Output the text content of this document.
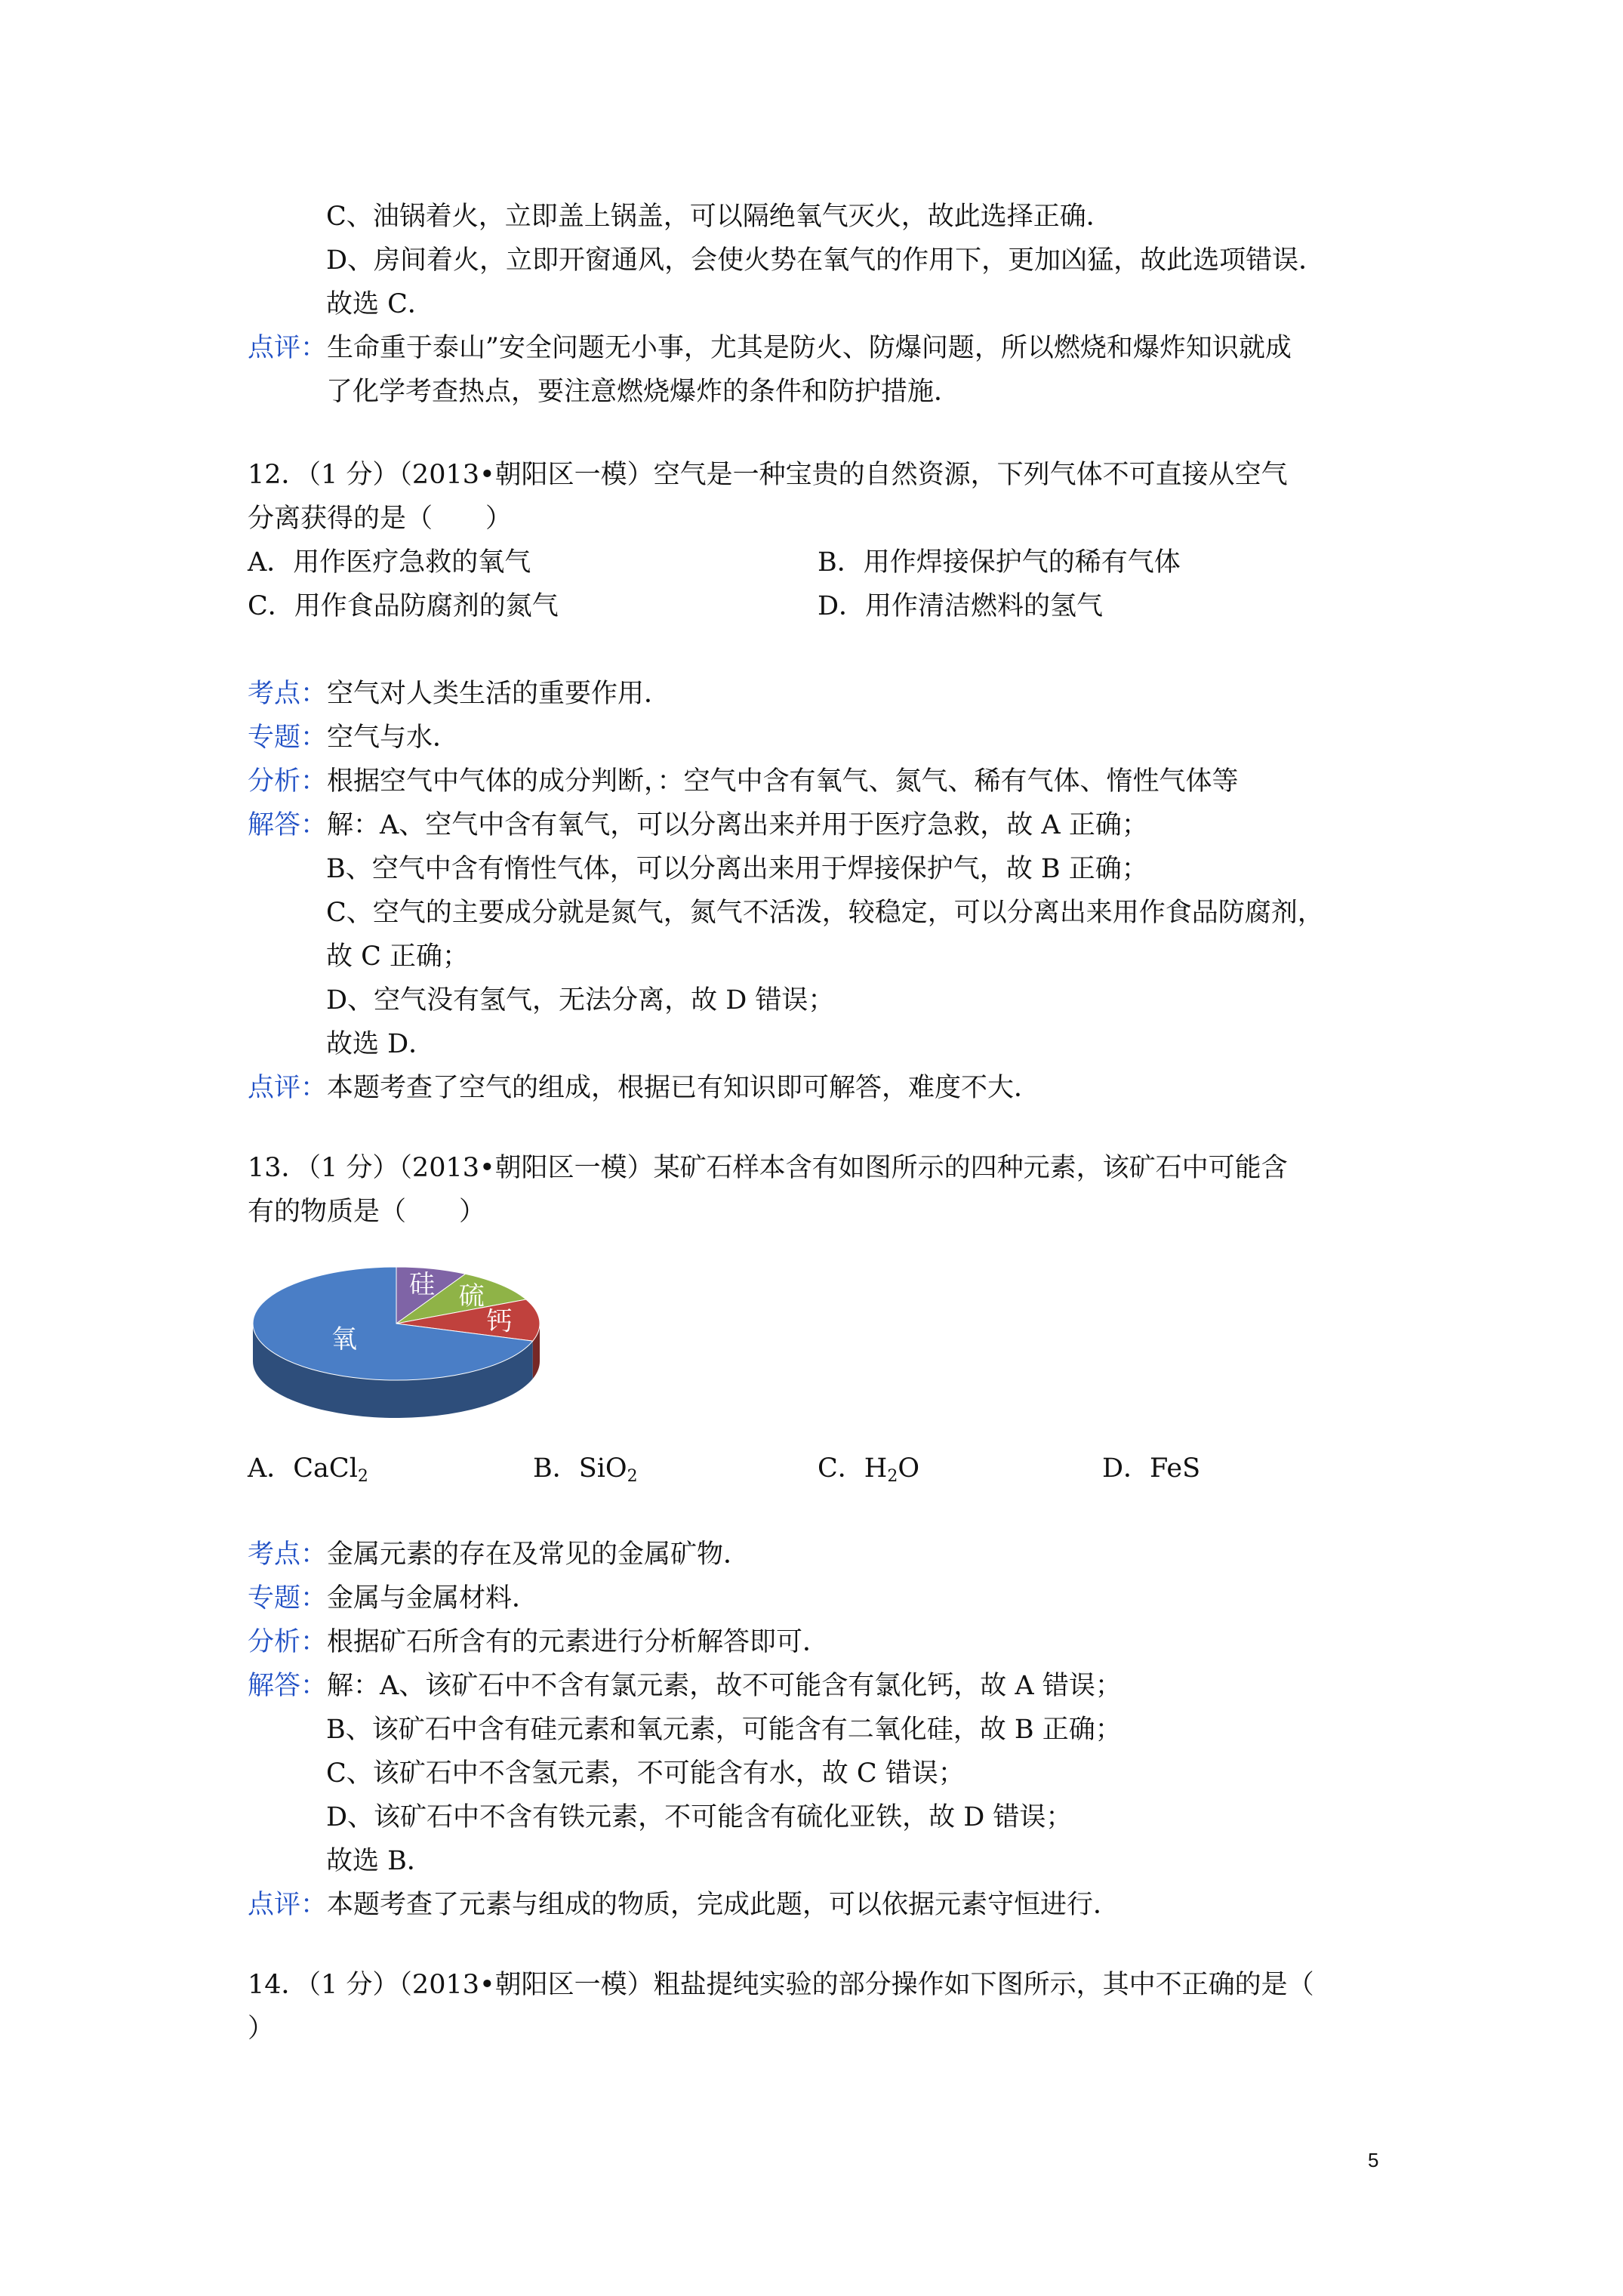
C、油锅着火，立即盖上锅盖，可以隔绝氧气灭火，故此选择正确．
D、房间着火，立即开窗通风，会使火势在氧气的作用下，更加凶猛，故此选项错误．
故选 C．
点评：生命重于泰山”安全问题无小事，尤其是防火、防爆问题，所以燃烧和爆炸知识就成
了化学考查热点，要注意燃烧爆炸的条件和防护措施．
12．（1 分）（2013•朝阳区一模）空气是一种宝贵的自然资源，下列气体不可直接从空气
分离获得的是（　　）
A．用作医疗急救的氧气	B．用作焊接保护气的稀有气体
C．用作食品防腐剂的氮气	D．用作清洁燃料的氢气
考点：空气对人类生活的重要作用．
专题：空气与水．
分析：根据空气中气体的成分判断，：空气中含有氧气、氮气、稀有气体、惰性气体等
解答：解：A、空气中含有氧气，可以分离出来并用于医疗急救，故 A 正确；
B、空气中含有惰性气体，可以分离出来用于焊接保护气，故 B 正确；
C、空气的主要成分就是氮气，氮气不活泼，较稳定，可以分离出来用作食品防腐剂，
故 C 正确；
D、空气没有氢气，无法分离，故 D 错误；
故选 D．
点评：本题考查了空气的组成，根据已有知识即可解答，难度不大．
13．（1 分）（2013•朝阳区一模）某矿石样本含有如图所示的四种元素，该矿石中可能含
有的物质是（　　）
硅 硫
钙
氧
A．CaCl$_2$	B．SiO$_2$	C．$H_2O$	D．FeS
考点：金属元素的存在及常见的金属矿物．
专题：金属与金属材料．
分析：根据矿石所含有的元素进行分析解答即可．
解答：解：A、该矿石中不含有氯元素，故不可能含有氯化钙，故 A 错误；
B、该矿石中含有硅元素和氧元素，可能含有二氧化硅，故 B 正确；
C、该矿石中不含氢元素，不可能含有水，故 C 错误；
D、该矿石中不含有铁元素，不可能含有硫化亚铁，故 D 错误；
故选 B．
点评：本题考查了元素与组成的物质，完成此题，可以依据元素守恒进行．
14．（1 分）（2013•朝阳区一模）粗盐提纯实验的部分操作如下图所示，其中不正确的是（
）
5
